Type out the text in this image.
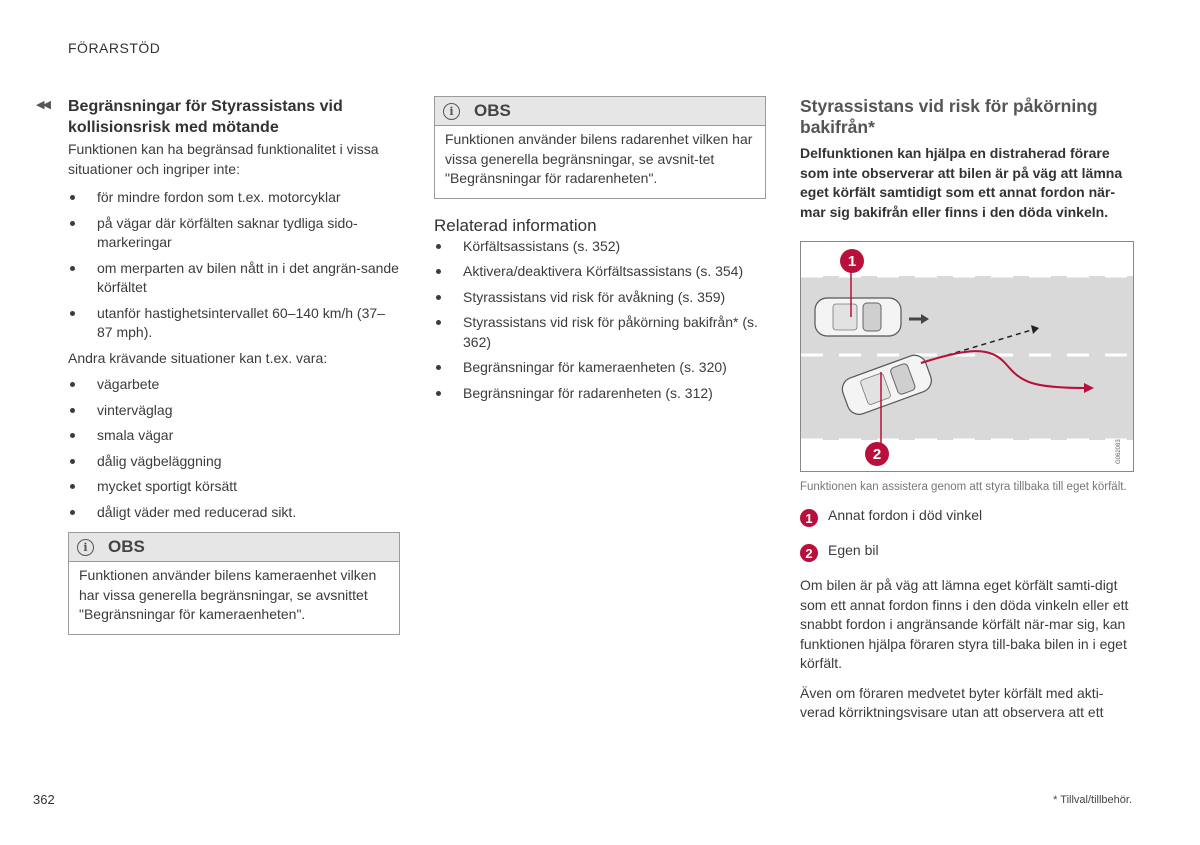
FÖRARSTÖD
◀◀ Begränsningar för Styrassistans vid kollisionsrisk med mötande

Funktionen kan ha begränsad funktionalitet i vissa situationer och ingriper inte:

för mindre fordon som t.ex. motorcyklar
på vägar där körfälten saknar tydliga sido-markeringar
om merparten av bilen nått in i det angrän-sande körfältet
utanför hastighetsintervallet 60–140 km/h (37–87 mph).

Andra krävande situationer kan t.ex. vara:

vägarbete
vinterväglag
smala vägar
dålig vägbeläggning
mycket sportigt körsätt
dåligt väder med reducerad sikt.
i	OBS

Funktionen använder bilens kameraenhet vilken har vissa generella begränsningar, se avsnittet "Begränsningar för kameraenheten".

i	OBS

Funktionen använder bilens radarenhet vilken har vissa generella begränsningar, se avsnit-tet "Begränsningar för radarenheten".

Relaterad information
Körfältsassistans (s. 352)
Aktivera/deaktivera Körfältsassistans (s. 354)
Styrassistans vid risk för avåkning (s. 359)
Styrassistans vid risk för påkörning bakifrån* (s. 362)
Begränsningar för kameraenheten (s. 320)
Begränsningar för radarenheten (s. 312)
Styrassistans vid risk för påkörning bakifrån*

Delfunktionen kan hjälpa en distraherad förare som inte observerar att bilen är på väg att lämna eget körfält samtidigt som ett annat fordon när-mar sig bakifrån eller finns i den döda vinkeln.

1
2	G062083
Funktionen kan assistera genom att styra tillbaka till eget körfält.
1	Annat fordon i död vinkel

2	Egen bil

Om bilen är på väg att lämna eget körfält samti-digt som ett annat fordon finns i den döda vinkeln eller ett snabbt fordon i angränsande körfält när-mar sig, kan funktionen hjälpa föraren styra till-baka bilen in i eget körfält.

Även om föraren medvetet byter körfält med akti-verad körriktningsvisare utan att observera att ett

362	* Tillval/tillbehör.
